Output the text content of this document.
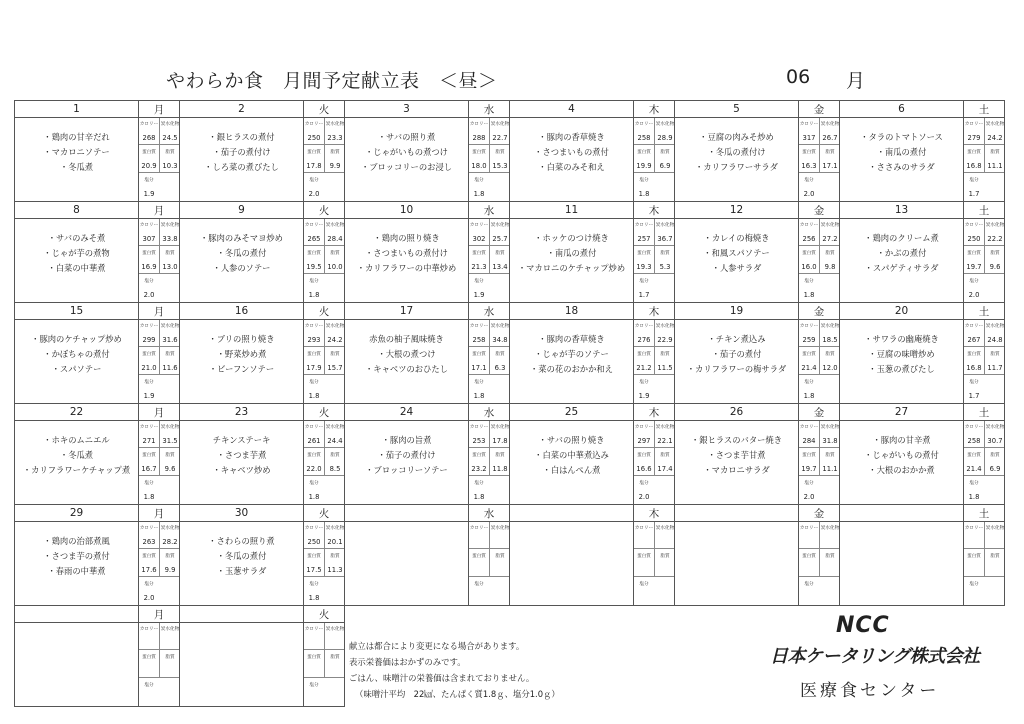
やわらか食　月間予定献立表　＜昼＞	06 月
1	月
・鶏肉の甘辛だれ
・マカロニソテー
・冬瓜煮
カロリー 炭水化物
268	24.5
蛋白質	脂質
20.9 10.3
塩分
1.9
2	火
・銀ヒラスの煮付
・茄子の煮付け
・しろ菜の煮びたし
カロリー 炭水化物
250	23.3
蛋白質	脂質
17.8	9.9
塩分
2.0
3	水
・サバの照り煮
・じゃがいもの煮つけ
・ブロッコリーのお浸し
カロリー 炭水化物
288	22.7
蛋白質	脂質
18.0 15.3
塩分
1.8
4	木
・豚肉の香草焼き
・さつまいもの煮付
・白菜のみそ和え
カロリー 炭水化物
258	28.9
蛋白質	脂質
19.9	6.9
塩分
1.8
5	金
・豆腐の肉みそ炒め
・冬瓜の煮付け
・カリフラワーサラダ
カロリー 炭水化物
317	26.7
蛋白質	脂質
16.3 17.1
塩分
2.0
6	土
・タラのトマトソース
・南瓜の煮付
・ささみのサラダ
カロリー 炭水化物
279	24.2
蛋白質	脂質
16.8 11.1
塩分
1.7
8	月
・サバのみそ煮
・じゃが芋の煮物
・白菜の中華煮
カロリー 炭水化物
307	33.8
蛋白質	脂質
16.9 13.0
塩分
2.0
9	火
・豚肉のみそマヨ炒め
・冬瓜の煮付
・人参のソテー
カロリー 炭水化物
265	28.4
蛋白質	脂質
19.5 10.0
塩分
1.8
10	水
・鶏肉の照り焼き
・さつまいもの煮付け
・カリフラワーの中華炒め
カロリー 炭水化物
302	25.7
蛋白質	脂質
21.3 13.4
塩分
1.9
11	木
・ホッケのつけ焼き
・南瓜の煮付
・マカロニのケチャップ炒め
カロリー 炭水化物
257	36.7
蛋白質	脂質
19.3	5.3
塩分
1.7
12	金
・カレイの梅焼き
・和風スパソテー
・人参サラダ
カロリー 炭水化物
256	27.2
蛋白質	脂質
16.0	9.8
塩分
1.8
13	土
・鶏肉のクリーム煮
・かぶの煮付
・スパゲティサラダ
カロリー 炭水化物
250	22.2
蛋白質	脂質
19.7	9.6
塩分
2.0
15	月
・豚肉のケチャップ炒め
・かぼちゃの煮付
・スパソテー
カロリー 炭水化物
299	31.6
蛋白質	脂質
21.0 11.6
塩分
1.9
16	火
・ブリの照り焼き
・野菜炒め煮
・ビーフンソテー
カロリー 炭水化物
293	24.2
蛋白質	脂質
17.9 15.7
塩分
1.8
17	水
赤魚の柚子風味焼き
・大根の煮つけ
・キャベツのおひたし
カロリー 炭水化物
258	34.8
蛋白質	脂質
17.1	6.3
塩分
1.8
18	木
・豚肉の香草焼き
・じゃが芋のソテー
・菜の花のおかか和え
カロリー 炭水化物
276	22.9
蛋白質	脂質
21.2 11.5
塩分
1.9
19	金
・チキン煮込み
・茄子の煮付
・カリフラワーの梅サラダ
カロリー 炭水化物
259	18.5
蛋白質	脂質
21.4 12.0
塩分
1.8
20	土
・サワラの幽庵焼き
・豆腐の味噌炒め
・玉葱の煮びたし
カロリー 炭水化物
267	24.8
蛋白質	脂質
16.8 11.7
塩分
1.7
22	月
・ホキのムニエル
・冬瓜煮
・カリフラワーケチャップ煮
カロリー 炭水化物
271	31.5
蛋白質	脂質
16.7	9.6
塩分
1.8
23	火
チキンステーキ
・さつま芋煮
・キャベツ炒め
カロリー 炭水化物
261	24.4
蛋白質	脂質
22.0	8.5
塩分
1.8
24	水
・豚肉の旨煮
・茄子の煮付け
・ブロッコリーソテー
カロリー 炭水化物
253	17.8
蛋白質	脂質
23.2 11.8
塩分
1.8
25	木
・サバの照り焼き
・白菜の中華煮込み
・白はんぺん煮
カロリー 炭水化物
297	22.1
蛋白質	脂質
16.6 17.4
塩分
2.0
26	金
・銀ヒラスのバター焼き
・さつま芋甘煮
・マカロニサラダ
カロリー 炭水化物
284	31.8
蛋白質	脂質
19.7 11.1
塩分
2.0
27	土
・豚肉の甘辛煮
・じゃがいもの煮付
・大根のおかか煮
カロリー 炭水化物
258	30.7
蛋白質	脂質
21.4	6.9
塩分
1.8
29	月
・鶏肉の治部煮風
・さつま芋の煮付
・春雨の中華煮
カロリー 炭水化物
263	28.2
蛋白質	脂質
17.6	9.9
塩分
2.0
30	火
・さわらの照り煮
・冬瓜の煮付
・玉葱サラダ
カロリー 炭水化物
250	20.1
蛋白質	脂質
17.5 11.3
塩分
1.8
水
カロリー 炭水化物
蛋白質	脂質
塩分
木
カロリー 炭水化物
蛋白質	脂質
塩分
金
カロリー 炭水化物
蛋白質	脂質
塩分
土
カロリー 炭水化物
蛋白質	脂質
塩分
月
カロリー 炭水化物
蛋白質	脂質
塩分
火
カロリー 炭水化物
蛋白質	脂質
塩分
献立は都合により変更になる場合があります。
表示栄養価はおかずのみです。
ごはん、味噌汁の栄養価は含まれておりません。
（味噌汁平均　22㎉、たんぱく質1.8ｇ、塩分1.0ｇ）
NCC
日本ケータリング株式会社
医療食センター
